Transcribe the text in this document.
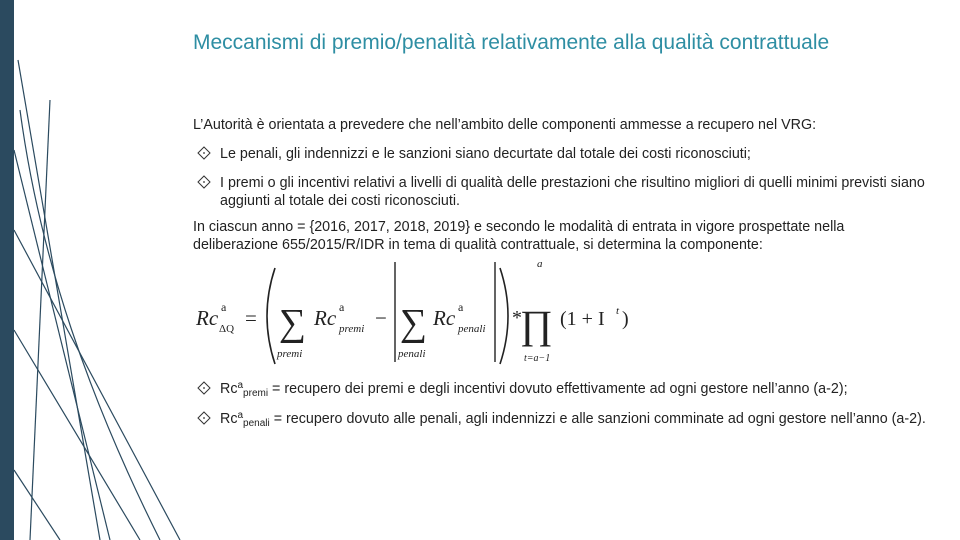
Meccanismi di premio/penalità relativamente alla qualità contrattuale

L’Autorità è orientata a prevedere che nell’ambito delle componenti ammesse a recupero nel VRG:

Le penali, gli indennizzi e le sanzioni siano decurtate dal totale dei costi riconosciuti;
I premi o gli incentivi relativi a livelli di qualità delle prestazioni che risultino migliori di quelli minimi previsti siano aggiunti al totale dei costi riconosciuti.

In ciascun anno = {2016, 2017, 2018, 2019} e secondo le modalità di entrata in vigore prospettate nella deliberazione 655/2015/R/IDR in tema di qualità contrattuale, si determina la componente:

Rc a
ΔQ = ∑
premi
Rc a
premi − ∑
penali
Rc a
penali *
a
∏
t=a−1
(1 + I t )
$Rc^a_{premi}$ = recupero dei premi e degli incentivi dovuto effettivamente ad ogni gestore nell’anno (a-2);
$Rc^a_{penali}$ = recupero dovuto alle penali, agli indennizzi e alle sanzioni comminate ad ogni gestore nell’anno (a-2).
